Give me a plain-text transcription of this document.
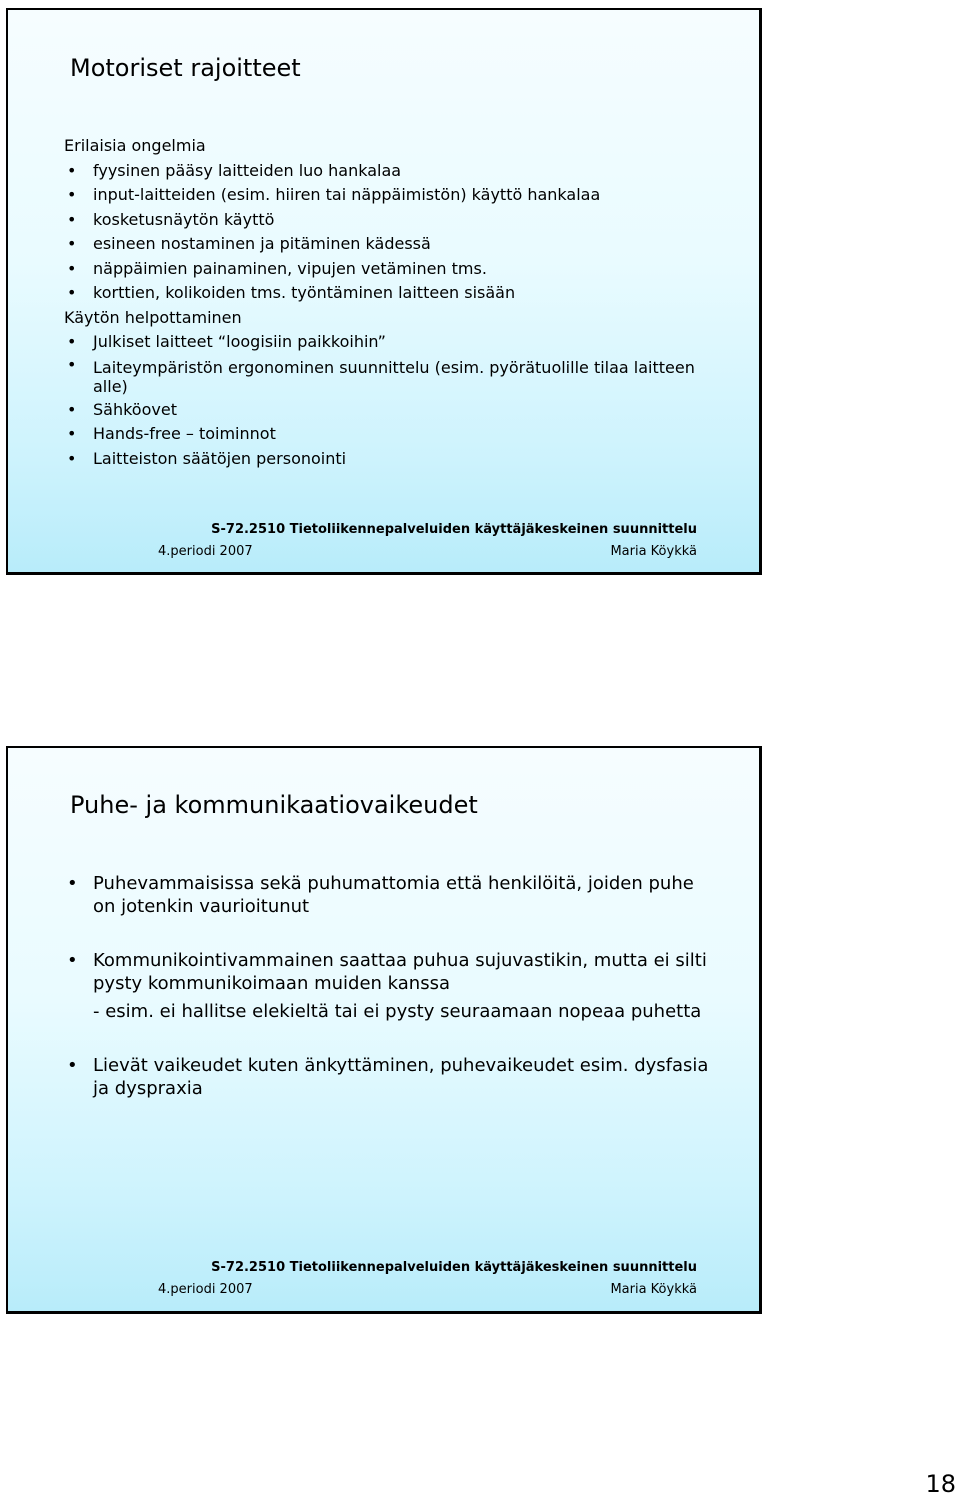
Motoriset rajoitteet

Erilaisia ongelmia

• fyysinen pääsy laitteiden luo hankalaa

• input-laitteiden (esim. hiiren tai näppäimistön) käyttö hankalaa

• kosketusnäytön käyttö

• esineen nostaminen ja pitäminen kädessä

• näppäimien painaminen, vipujen vetäminen tms.

• korttien, kolikoiden tms. työntäminen laitteen sisään

Käytön helpottaminen

• Julkiset laitteet “loogisiin paikkoihin”

• Laiteympäristön ergonominen suunnittelu (esim. pyörätuolille tilaa laitteen alle)

• Sähköovet

• Hands-free – toiminnot

• Laitteiston säätöjen personointi

S-72.2510 Tietoliikennepalveluiden käyttäjäkeskeinen suunnittelu
4.periodi 2007	Maria Köykkä
Puhe- ja kommunikaatiovaikeudet

• Puhevammaisissa sekä puhumattomia että henkilöitä, joiden puhe on jotenkin vaurioitunut

• Kommunikointivammainen saattaa puhua sujuvastikin, mutta ei silti pysty kommunikoimaan muiden kanssa

- esim. ei hallitse elekieltä tai ei pysty seuraamaan nopeaa puhetta

• Lievät vaikeudet kuten änkyttäminen, puhevaikeudet esim. dysfasia ja dyspraxia

S-72.2510 Tietoliikennepalveluiden käyttäjäkeskeinen suunnittelu
4.periodi 2007	Maria Köykkä
18
